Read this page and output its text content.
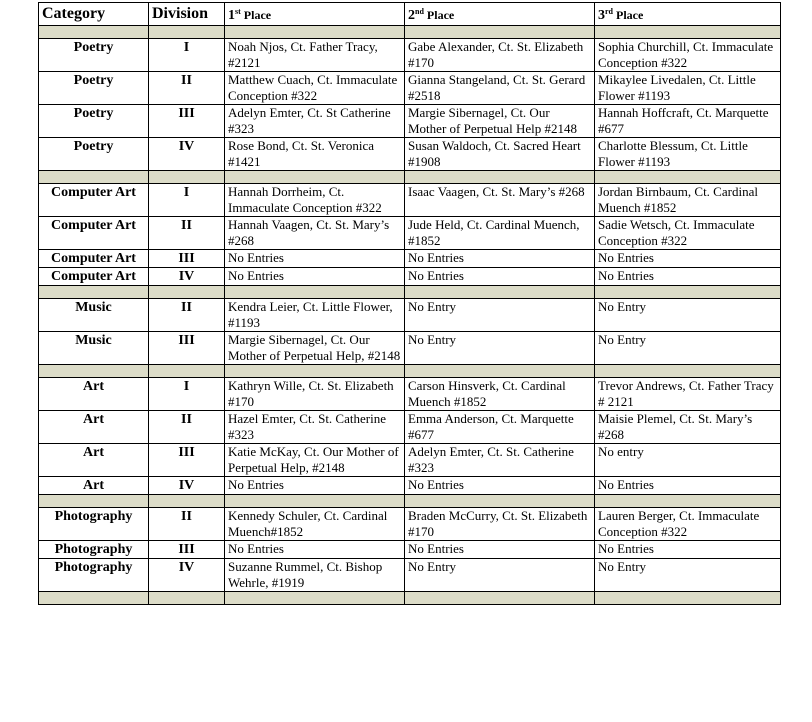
Category	Division	1st Place	2nd Place	3rd Place

Poetry	I	Noah Njos, Ct. Father Tracy, #2121	Gabe Alexander, Ct. St. Elizabeth #170	Sophia Churchill, Ct. Immaculate Conception #322
Poetry	II	Matthew Cuach, Ct. Immaculate Conception #322	Gianna Stangeland, Ct. St. Gerard #2518	Mikaylee Livedalen, Ct. Little Flower #1193
Poetry	III	Adelyn Emter, Ct. St Catherine #323	Margie Sibernagel, Ct. Our Mother of Perpetual Help #2148	Hannah Hoffcraft, Ct. Marquette #677
Poetry	IV	Rose Bond, Ct. St. Veronica #1421	Susan Waldoch, Ct. Sacred Heart #1908	Charlotte Blessum, Ct. Little Flower #1193

Computer Art	I	Hannah Dorrheim, Ct. Immaculate Conception #322	Isaac Vaagen, Ct. St. Mary’s #268	Jordan Birnbaum, Ct. Cardinal Muench #1852
Computer Art	II	Hannah Vaagen, Ct. St. Mary’s #268	Jude Held, Ct. Cardinal Muench, #1852	Sadie Wetsch, Ct. Immaculate Conception #322
Computer Art	III	No Entries	No Entries	No Entries
Computer Art	IV	No Entries	No Entries	No Entries

Music	II	Kendra Leier, Ct. Little Flower, #1193	No Entry	No Entry
Music	III	Margie Sibernagel, Ct. Our Mother of Perpetual Help, #2148	No Entry	No Entry

Art	I	Kathryn Wille, Ct. St. Elizabeth #170	Carson Hinsverk, Ct. Cardinal Muench #1852	Trevor Andrews, Ct. Father Tracy # 2121
Art	II	Hazel Emter, Ct. St. Catherine #323	Emma Anderson, Ct. Marquette #677	Maisie Plemel, Ct. St. Mary’s #268
Art	III	Katie McKay, Ct. Our Mother of Perpetual Help, #2148	Adelyn Emter, Ct. St. Catherine #323	No entry
Art	IV	No Entries	No Entries	No Entries

Photography	II	Kennedy Schuler, Ct. Cardinal Muench#1852	Braden McCurry, Ct. St. Elizabeth #170	Lauren Berger, Ct. Immaculate Conception #322
Photography	III	No Entries	No Entries	No Entries
Photography	IV	Suzanne Rummel, Ct. Bishop Wehrle, #1919	No Entry	No Entry
